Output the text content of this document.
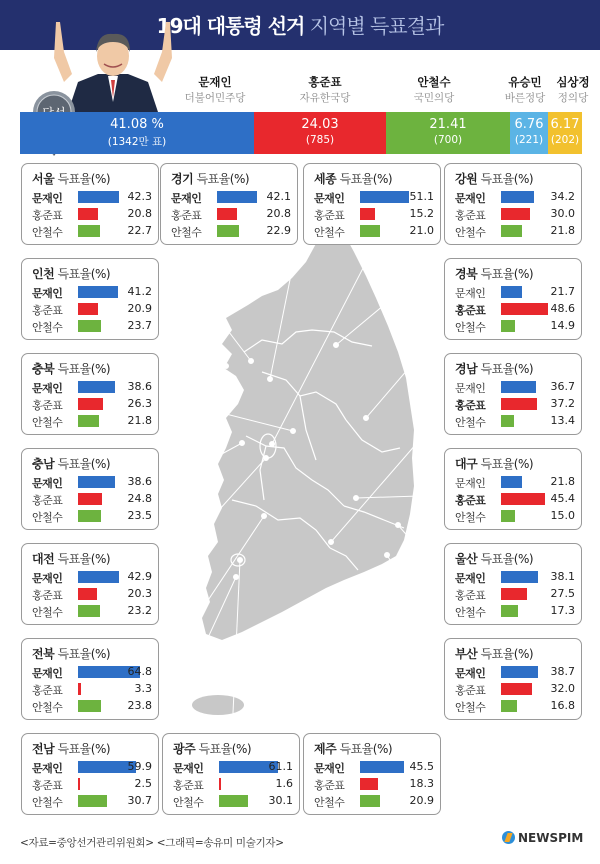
19대 대통령 선거 지역별 득표결과
문재인
더불어민주당
홍준표
자유한국당
안철수
국민의당
유승민
바른정당
심상정
정의당
41.08 %
(1342만 표)
24.03
(785)
21.41
(700)
6.76
(221)
6.17
(202)
서울 득표율(%)
문재인	42.3
홍준표	20.8
안철수	22.7
경기 득표율(%)
문재인	42.1
홍준표	20.8
안철수	22.9
세종 득표율(%)
문재인	51.1
홍준표	15.2
안철수	21.0
강원 득표율(%)
문재인	34.2
홍준표	30.0
안철수	21.8
인천 득표율(%)
문재인	41.2
홍준표	20.9
안철수	23.7
경북 득표율(%)
문재인	21.7
홍준표	48.6
안철수	14.9
충북 득표율(%)
문재인	38.6
홍준표	26.3
안철수	21.8
경남 득표율(%)
문재인	36.7
홍준표	37.2
안철수	13.4
충남 득표율(%)
문재인	38.6
홍준표	24.8
안철수	23.5
대구 득표율(%)
문재인	21.8
홍준표	45.4
안철수	15.0
대전 득표율(%)
문재인	42.9
홍준표	20.3
안철수	23.2
울산 득표율(%)
문재인	38.1
홍준표	27.5
안철수	17.3
전북 득표율(%)
문재인	64.8
홍준표	3.3
안철수	23.8
부산 득표율(%)
문재인	38.7
홍준표	32.0
안철수	16.8
전남 득표율(%)
문재인	59.9
홍준표	2.5
안철수	30.7
광주 득표율(%)
문재인	61.1
홍준표	1.6
안철수	30.1
제주 득표율(%)
문재인	45.5
홍준표	18.3
안철수	20.9
<자료=중앙선거관리위원회> <그래픽=송유미 미술기자>	NEWSPIM
